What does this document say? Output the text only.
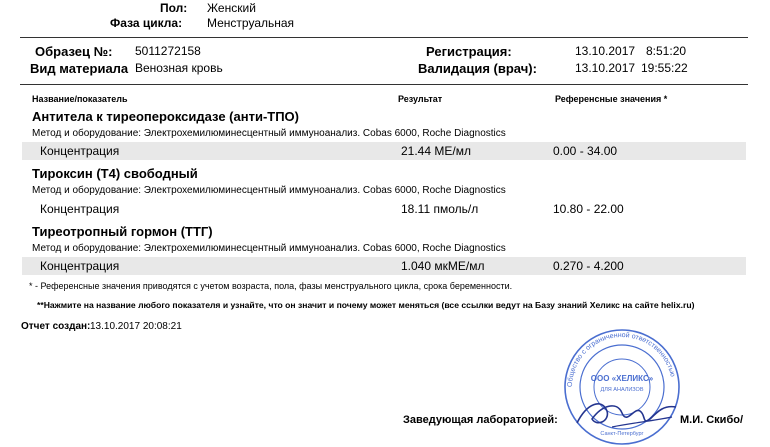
Пол: Женский
Фаза цикла: Менструальная
Образец №: 5011272158
Вид материала Венозная кровь
Регистрация:	13.10.2017 8:51:20
Валидация (врач):	13.10.2017 19:55:22
Название/показатель	Результат	Референсные значения *
Антитела к тиреопероксидазе (анти-ТПО)
Метод и оборудование: Электрохемилюминесцентный иммуноанализ. Cobas 6000, Roche Diagnostics
Концентрация	21.44 МЕ/мл	0.00 - 34.00
Тироксин (Т4) свободный
Метод и оборудование: Электрохемилюминесцентный иммуноанализ. Cobas 6000, Roche Diagnostics
Концентрация	18.11 пмоль/л	10.80 - 22.00
Тиреотропный гормон (ТТГ)
Метод и оборудование: Электрохемилюминесцентный иммуноанализ. Cobas 6000, Roche Diagnostics
Концентрация	1.040 мкМЕ/мл	0.270 - 4.200
* - Референсные значения приводятся с учетом возраста, пола, фазы менструального цикла, срока беременности.
**Нажмите на название любого показателя и узнайте, что он значит и почему может меняться (все ссылки ведут на Базу знаний Хеликс на сайте helix.ru)
Отчет создан: 13.10.2017 20:08:21
Заведующая лабораторией:	М.И. Скибо/
Общество с ограниченной ответственностью
ООО «ХЕЛИКС»
ДЛЯ АНАЛИЗОВ
Санкт-Петербург
